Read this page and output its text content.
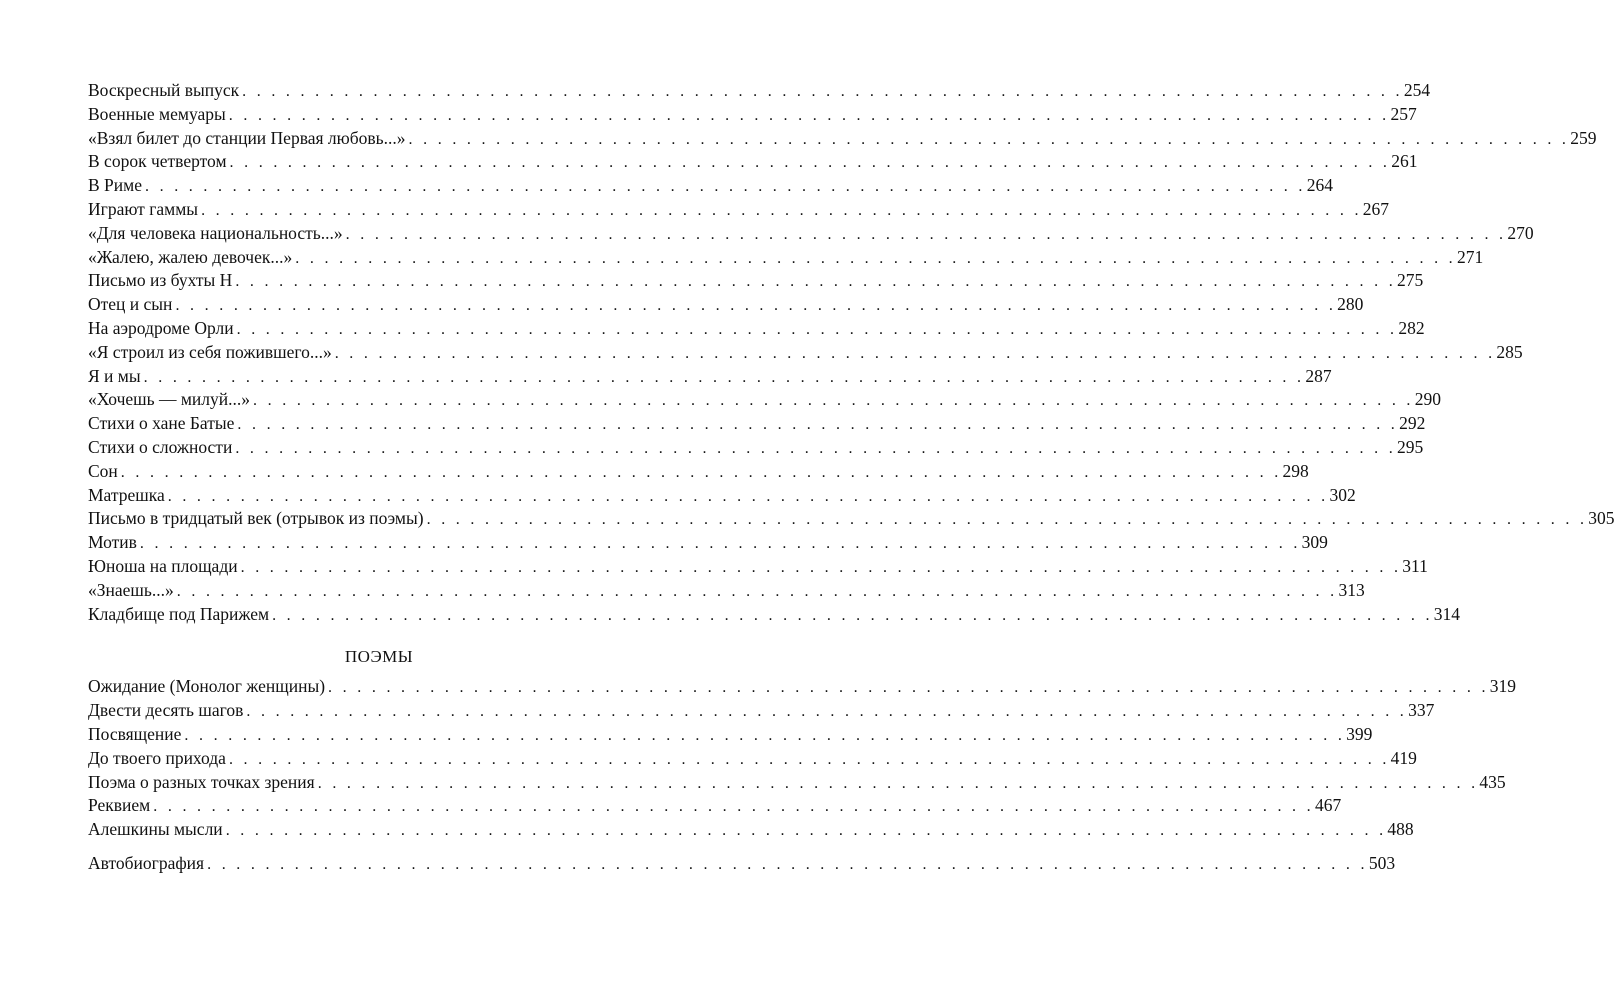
Воскресный выпуск . . . . . . . . . . . . . . . . . . . . . . . . . . . . . . . . . . . . . . . . . . . . . . . . . . . . . . . . . . . . . . . . . . . . . . . . . . . . . . . . 254
Военные мемуары . . . . . . . . . . . . . . . . . . . . . . . . . . . . . . . . . . . . . . . . . . . . . . . . . . . . . . . . . . . . . . . . . . . . . . . . . . . . . . . . 257
«Взял билет до станции Первая любовь...» . . . . . . . . . . . . . . . . . . . . . . . . . . . . . . . . . . . . . . . . . . . . . . . . . . . . . . . . . . . . . . . . . . . . . . . . . . . . . . . . 259
В сорок четвертом . . . . . . . . . . . . . . . . . . . . . . . . . . . . . . . . . . . . . . . . . . . . . . . . . . . . . . . . . . . . . . . . . . . . . . . . . . . . . . . . 261
В Риме . . . . . . . . . . . . . . . . . . . . . . . . . . . . . . . . . . . . . . . . . . . . . . . . . . . . . . . . . . . . . . . . . . . . . . . . . . . . . . . . 264
Играют гаммы . . . . . . . . . . . . . . . . . . . . . . . . . . . . . . . . . . . . . . . . . . . . . . . . . . . . . . . . . . . . . . . . . . . . . . . . . . . . . . . . 267
«Для человека национальность...» . . . . . . . . . . . . . . . . . . . . . . . . . . . . . . . . . . . . . . . . . . . . . . . . . . . . . . . . . . . . . . . . . . . . . . . . . . . . . . . . 270
«Жалею, жалею девочек...» . . . . . . . . . . . . . . . . . . . . . . . . . . . . . . . . . . . . . . . . . . . . . . . . . . . . . . . . . . . . . . . . . . . . . . . . . . . . . . . . 271
Письмо из бухты Н . . . . . . . . . . . . . . . . . . . . . . . . . . . . . . . . . . . . . . . . . . . . . . . . . . . . . . . . . . . . . . . . . . . . . . . . . . . . . . . . 275
Отец и сын . . . . . . . . . . . . . . . . . . . . . . . . . . . . . . . . . . . . . . . . . . . . . . . . . . . . . . . . . . . . . . . . . . . . . . . . . . . . . . . . 280
На аэродроме Орли . . . . . . . . . . . . . . . . . . . . . . . . . . . . . . . . . . . . . . . . . . . . . . . . . . . . . . . . . . . . . . . . . . . . . . . . . . . . . . . . 282
«Я строил из себя пожившего...» . . . . . . . . . . . . . . . . . . . . . . . . . . . . . . . . . . . . . . . . . . . . . . . . . . . . . . . . . . . . . . . . . . . . . . . . . . . . . . . . 285
Я и мы . . . . . . . . . . . . . . . . . . . . . . . . . . . . . . . . . . . . . . . . . . . . . . . . . . . . . . . . . . . . . . . . . . . . . . . . . . . . . . . . 287
«Хочешь — милуй...» . . . . . . . . . . . . . . . . . . . . . . . . . . . . . . . . . . . . . . . . . . . . . . . . . . . . . . . . . . . . . . . . . . . . . . . . . . . . . . . . 290
Стихи о хане Батые . . . . . . . . . . . . . . . . . . . . . . . . . . . . . . . . . . . . . . . . . . . . . . . . . . . . . . . . . . . . . . . . . . . . . . . . . . . . . . . . 292
Стихи о сложности . . . . . . . . . . . . . . . . . . . . . . . . . . . . . . . . . . . . . . . . . . . . . . . . . . . . . . . . . . . . . . . . . . . . . . . . . . . . . . . . 295
Сон . . . . . . . . . . . . . . . . . . . . . . . . . . . . . . . . . . . . . . . . . . . . . . . . . . . . . . . . . . . . . . . . . . . . . . . . . . . . . . . . 298
Матрешка . . . . . . . . . . . . . . . . . . . . . . . . . . . . . . . . . . . . . . . . . . . . . . . . . . . . . . . . . . . . . . . . . . . . . . . . . . . . . . . . 302
Письмо в тридцатый век (отрывок из поэмы) . . . . . . . . . . . . . . . . . . . . . . . . . . . . . . . . . . . . . . . . . . . . . . . . . . . . . . . . . . . . . . . . . . . . . . . . . . . . . . . . 305
Мотив . . . . . . . . . . . . . . . . . . . . . . . . . . . . . . . . . . . . . . . . . . . . . . . . . . . . . . . . . . . . . . . . . . . . . . . . . . . . . . . . 309
Юноша на площади . . . . . . . . . . . . . . . . . . . . . . . . . . . . . . . . . . . . . . . . . . . . . . . . . . . . . . . . . . . . . . . . . . . . . . . . . . . . . . . . 311
«Знаешь...» . . . . . . . . . . . . . . . . . . . . . . . . . . . . . . . . . . . . . . . . . . . . . . . . . . . . . . . . . . . . . . . . . . . . . . . . . . . . . . . . 313
Кладбище под Парижем . . . . . . . . . . . . . . . . . . . . . . . . . . . . . . . . . . . . . . . . . . . . . . . . . . . . . . . . . . . . . . . . . . . . . . . . . . . . . . . . 314
ПОЭМЫ
Ожидание (Монолог женщины) . . . . . . . . . . . . . . . . . . . . . . . . . . . . . . . . . . . . . . . . . . . . . . . . . . . . . . . . . . . . . . . . . . . . . . . . . . . . . . . . 319
Двести десять шагов . . . . . . . . . . . . . . . . . . . . . . . . . . . . . . . . . . . . . . . . . . . . . . . . . . . . . . . . . . . . . . . . . . . . . . . . . . . . . . . . 337
Посвящение . . . . . . . . . . . . . . . . . . . . . . . . . . . . . . . . . . . . . . . . . . . . . . . . . . . . . . . . . . . . . . . . . . . . . . . . . . . . . . . . 399
До твоего прихода . . . . . . . . . . . . . . . . . . . . . . . . . . . . . . . . . . . . . . . . . . . . . . . . . . . . . . . . . . . . . . . . . . . . . . . . . . . . . . . . 419
Поэма о разных точках зрения . . . . . . . . . . . . . . . . . . . . . . . . . . . . . . . . . . . . . . . . . . . . . . . . . . . . . . . . . . . . . . . . . . . . . . . . . . . . . . . . 435
Реквием . . . . . . . . . . . . . . . . . . . . . . . . . . . . . . . . . . . . . . . . . . . . . . . . . . . . . . . . . . . . . . . . . . . . . . . . . . . . . . . . 467
Алешкины мысли . . . . . . . . . . . . . . . . . . . . . . . . . . . . . . . . . . . . . . . . . . . . . . . . . . . . . . . . . . . . . . . . . . . . . . . . . . . . . . . . 488
Автобиография . . . . . . . . . . . . . . . . . . . . . . . . . . . . . . . . . . . . . . . . . . . . . . . . . . . . . . . . . . . . . . . . . . . . . . . . . . . . . . . . 503
